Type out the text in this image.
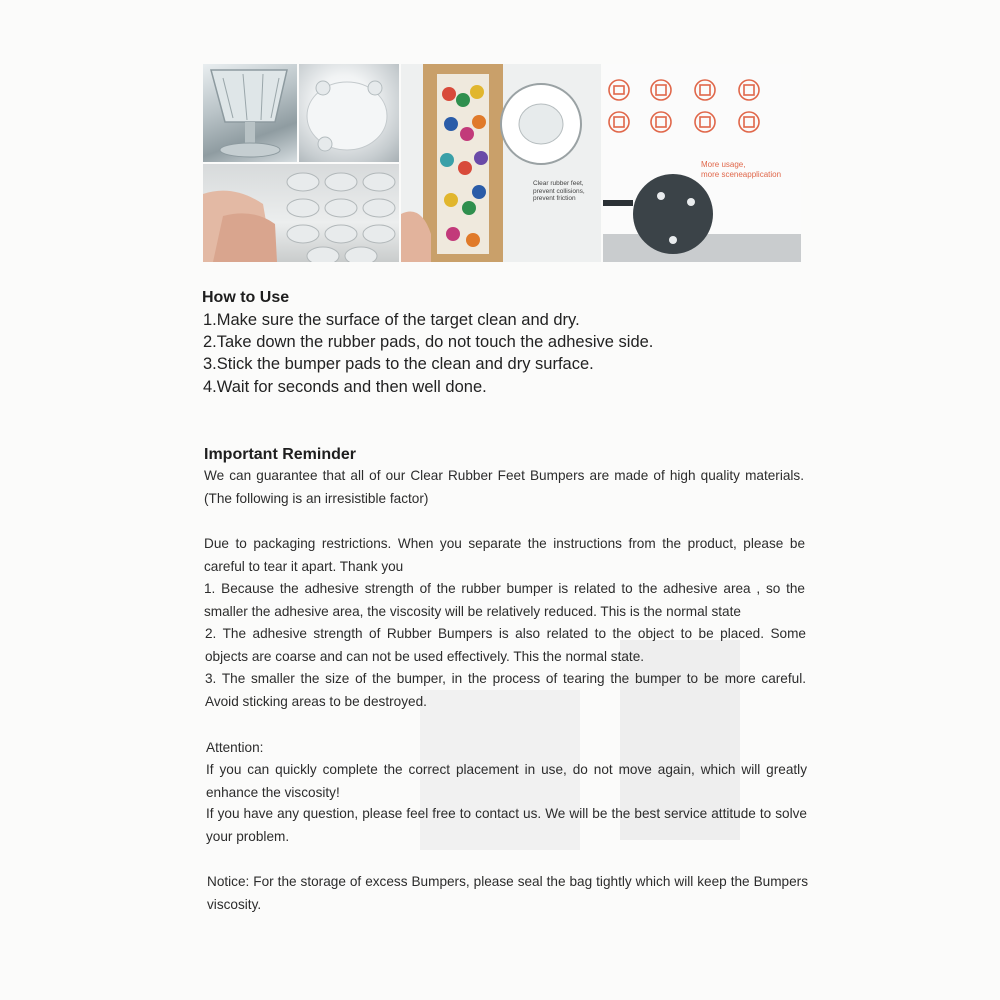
Clear rubber feet,
prevent collisions,
prevent friction
More usage,
more sceneapplication
How to Use
1.Make sure the surface of the target clean and dry.
2.Take down the rubber pads, do not touch the adhesive side.
3.Stick the bumper pads to the clean and dry surface.
4.Wait for seconds and then well done.
Important Reminder
We can guarantee that all of our Clear Rubber Feet Bumpers are made of high quality materials. (The following is an irresistible factor)
Due to packaging restrictions. When you separate the instructions from the product, please be careful to tear it apart. Thank you
1. Because the adhesive strength of the rubber bumper is related to the adhesive area , so the smaller the adhesive area, the viscosity will be relatively reduced. This is the normal state
2. The adhesive strength of Rubber Bumpers is also related to the object to be placed. Some objects are coarse and can not be used effectively. This the normal state.
3. The smaller the size of the bumper, in the process of tearing the bumper to be more careful. Avoid sticking areas to be destroyed.
Attention:
If you can quickly complete the correct placement in use, do not move again, which will greatly enhance the viscosity!
If you have any question, please feel free to contact us. We will be the best service attitude to solve your problem.
Notice: For the storage of excess Bumpers, please seal the bag tightly which will keep the Bumpers viscosity.
